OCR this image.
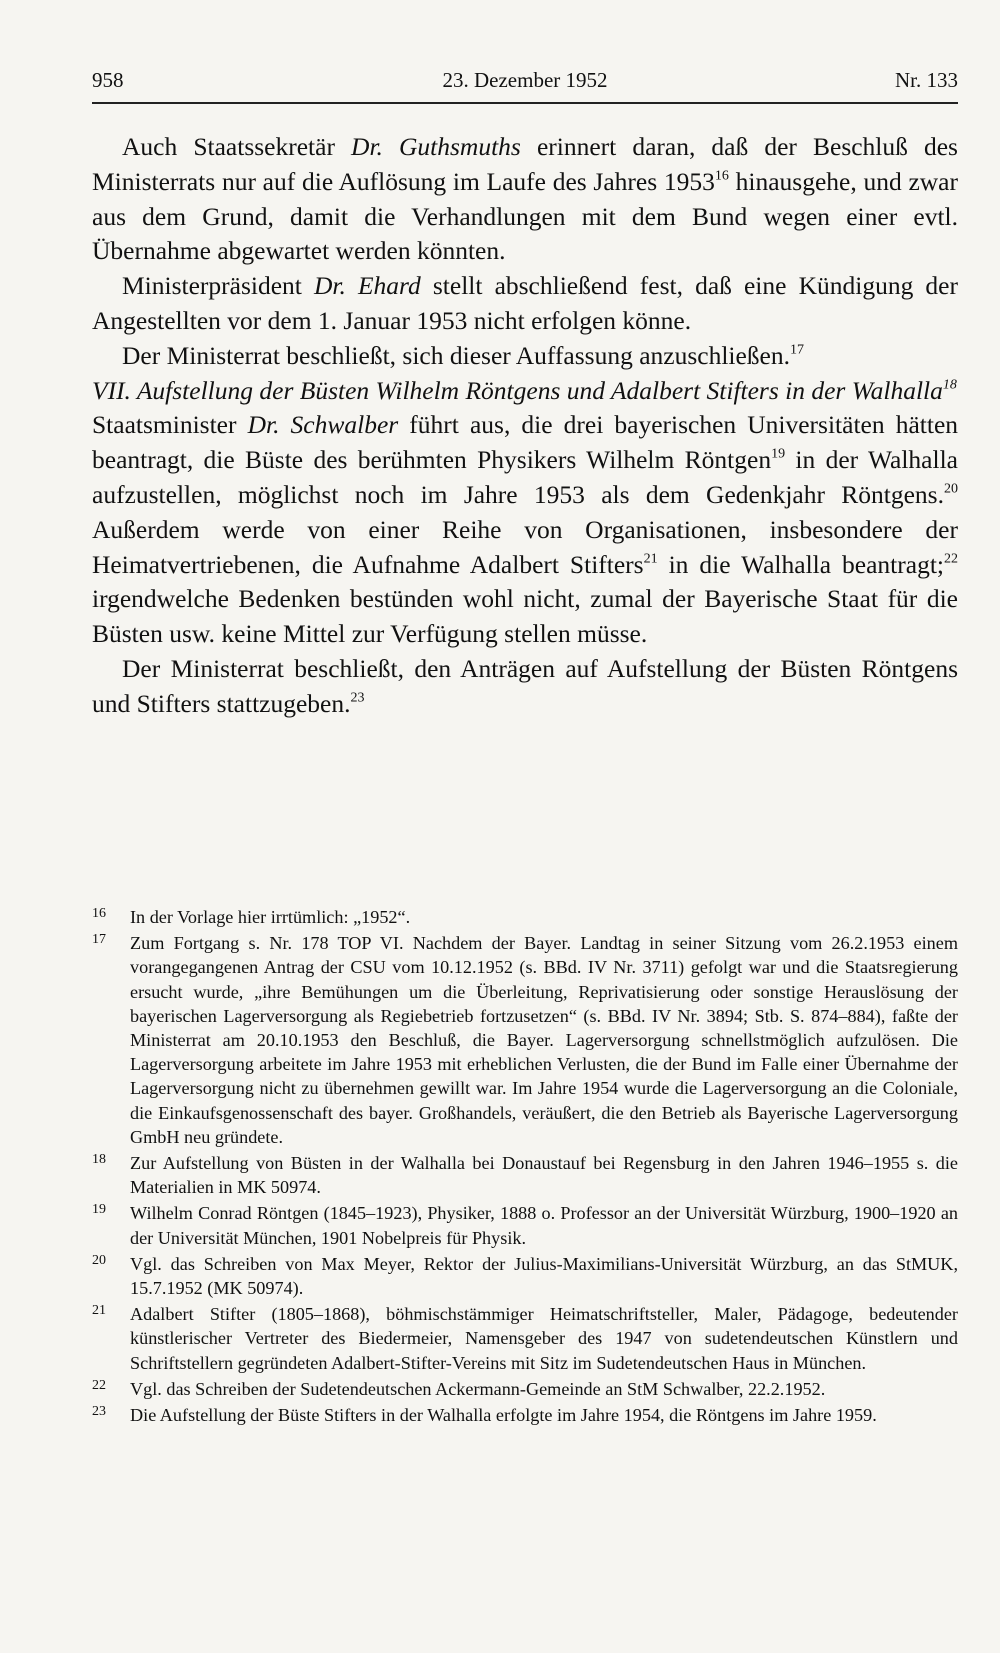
958	23. Dezember 1952	Nr. 133

Auch Staatssekretär Dr. Guthsmuths erinnert daran, daß der Beschluß des Ministerrats nur auf die Auflösung im Laufe des Jahres 1953$^{16}$ hinausgehe, und zwar aus dem Grund, damit die Verhandlungen mit dem Bund wegen einer evtl. Übernahme abgewartet werden könnten.

Ministerpräsident Dr. Ehard stellt abschließend fest, daß eine Kündigung der Angestellten vor dem 1. Januar 1953 nicht erfolgen könne.

Der Ministerrat beschließt, sich dieser Auffassung anzuschließen.$^{17}$

VII. Aufstellung der Büsten Wilhelm Röntgens und Adalbert Stifters in der Walhalla$^{18}$

Staatsminister Dr. Schwalber führt aus, die drei bayerischen Universitäten hätten beantragt, die Büste des berühmten Physikers Wilhelm Röntgen$^{19}$ in der Walhalla aufzustellen, möglichst noch im Jahre 1953 als dem Gedenkjahr Röntgens.$^{20}$ Außerdem werde von einer Reihe von Organisationen, insbesondere der Heimatvertriebenen, die Aufnahme Adalbert Stifters$^{21}$ in die Walhalla beantragt;$^{22}$ irgendwelche Bedenken bestünden wohl nicht, zumal der Bayerische Staat für die Büsten usw. keine Mittel zur Verfügung stellen müsse.

Der Ministerrat beschließt, den Anträgen auf Aufstellung der Büsten Röntgens und Stifters stattzugeben.$^{23}$

16 In der Vorlage hier irrtümlich: „1952“.
17 Zum Fortgang s. Nr. 178 TOP VI. Nachdem der Bayer. Landtag in seiner Sitzung vom 26.2.1953 einem vorangegangenen Antrag der CSU vom 10.12.1952 (s. BBd. IV Nr. 3711) gefolgt war und die Staatsregierung ersucht wurde, „ihre Bemühungen um die Überleitung, Reprivatisierung oder sonstige Herauslösung der bayerischen Lagerversorgung als Regiebetrieb fortzusetzen“ (s. BBd. IV Nr. 3894; Stb. S. 874–884), faßte der Ministerrat am 20.10.1953 den Beschluß, die Bayer. Lagerversorgung schnellstmöglich aufzulösen. Die Lagerversorgung arbeitete im Jahre 1953 mit erheblichen Verlusten, die der Bund im Falle einer Übernahme der Lagerversorgung nicht zu übernehmen gewillt war. Im Jahre 1954 wurde die Lagerversorgung an die Coloniale, die Einkaufsgenossenschaft des bayer. Großhandels, veräußert, die den Betrieb als Bayerische Lagerversorgung GmbH neu gründete.
18 Zur Aufstellung von Büsten in der Walhalla bei Donaustauf bei Regensburg in den Jahren 1946–1955 s. die Materialien in MK 50974.
19 Wilhelm Conrad Röntgen (1845–1923), Physiker, 1888 o. Professor an der Universität Würzburg, 1900–1920 an der Universität München, 1901 Nobelpreis für Physik.
20 Vgl. das Schreiben von Max Meyer, Rektor der Julius-Maximilians-Universität Würzburg, an das StMUK, 15.7.1952 (MK 50974).
21 Adalbert Stifter (1805–1868), böhmischstämmiger Heimatschriftsteller, Maler, Pädagoge, bedeutender künstlerischer Vertreter des Biedermeier, Namensgeber des 1947 von sudetendeutschen Künstlern und Schriftstellern gegründeten Adalbert-Stifter-Vereins mit Sitz im Sudetendeutschen Haus in München.
22 Vgl. das Schreiben der Sudetendeutschen Ackermann-Gemeinde an StM Schwalber, 22.2.1952.
23 Die Aufstellung der Büste Stifters in der Walhalla erfolgte im Jahre 1954, die Röntgens im Jahre 1959.
